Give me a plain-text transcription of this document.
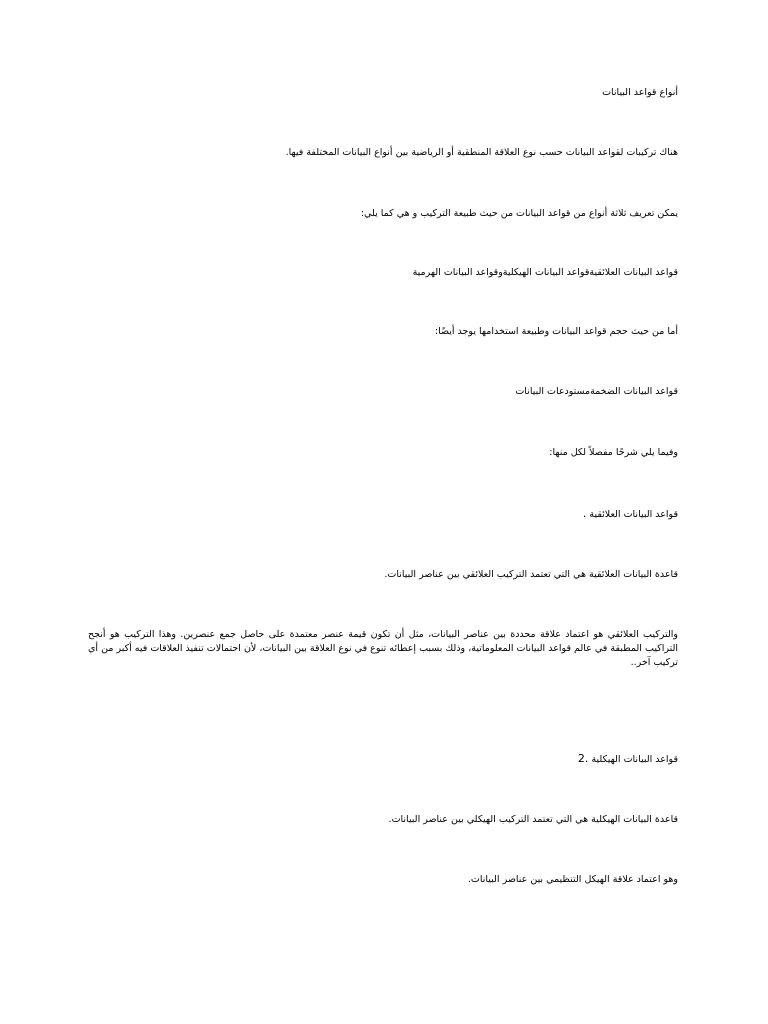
أنواع قواعد البيانات
هناك تركيبات لقواعد البيانات حسب نوع العلاقة المنطقية أو الرياضية بين أنواع البيانات المختلفة فيها.
يمكن تعريف ثلاثة أنواع من قواعد البيانات من حيث طبيعة التركيب و هي كما يلي:
قواعد البيانات العلائقيةقواعد البيانات الهيكليةوقواعد البيانات الهرمية
أما من حيث حجم قواعد البيانات وطبيعة استخدامها يوجد أيضًا:
قواعد البيانات الضخمةمستودعات البيانات
وفيما يلي شرحًا مفصلاً لكل منها:
قواعد البيانات العلائقية .
قاعدة البيانات العلائقية هي التي تعتمد التركيب العلائقي بين عناصر البيانات.
والتركيب العلائقي هو اعتماد علاقة محددة بين عناصر البيانات، مثل أن تكون قيمة عنصر معتمدة على حاصل جمع عنصرين. وهذا التركيب هو أنجح التراكيب المطبقة في عالم قواعد البيانات المعلوماتية، وذلك بسبب إعطائه تنوع في نوع العلاقة بين البيانات، لأن احتمالات تنفيذ العلاقات فيه أكبر من أي تركيب آخر..
قواعد البيانات الهيكلية .2
قاعدة البيانات الهيكلية هي التي تعتمد التركيب الهيكلي بين عناصر البيانات.
وهو اعتماد علاقة الهيكل التنظيمي بين عناصر البيانات.
